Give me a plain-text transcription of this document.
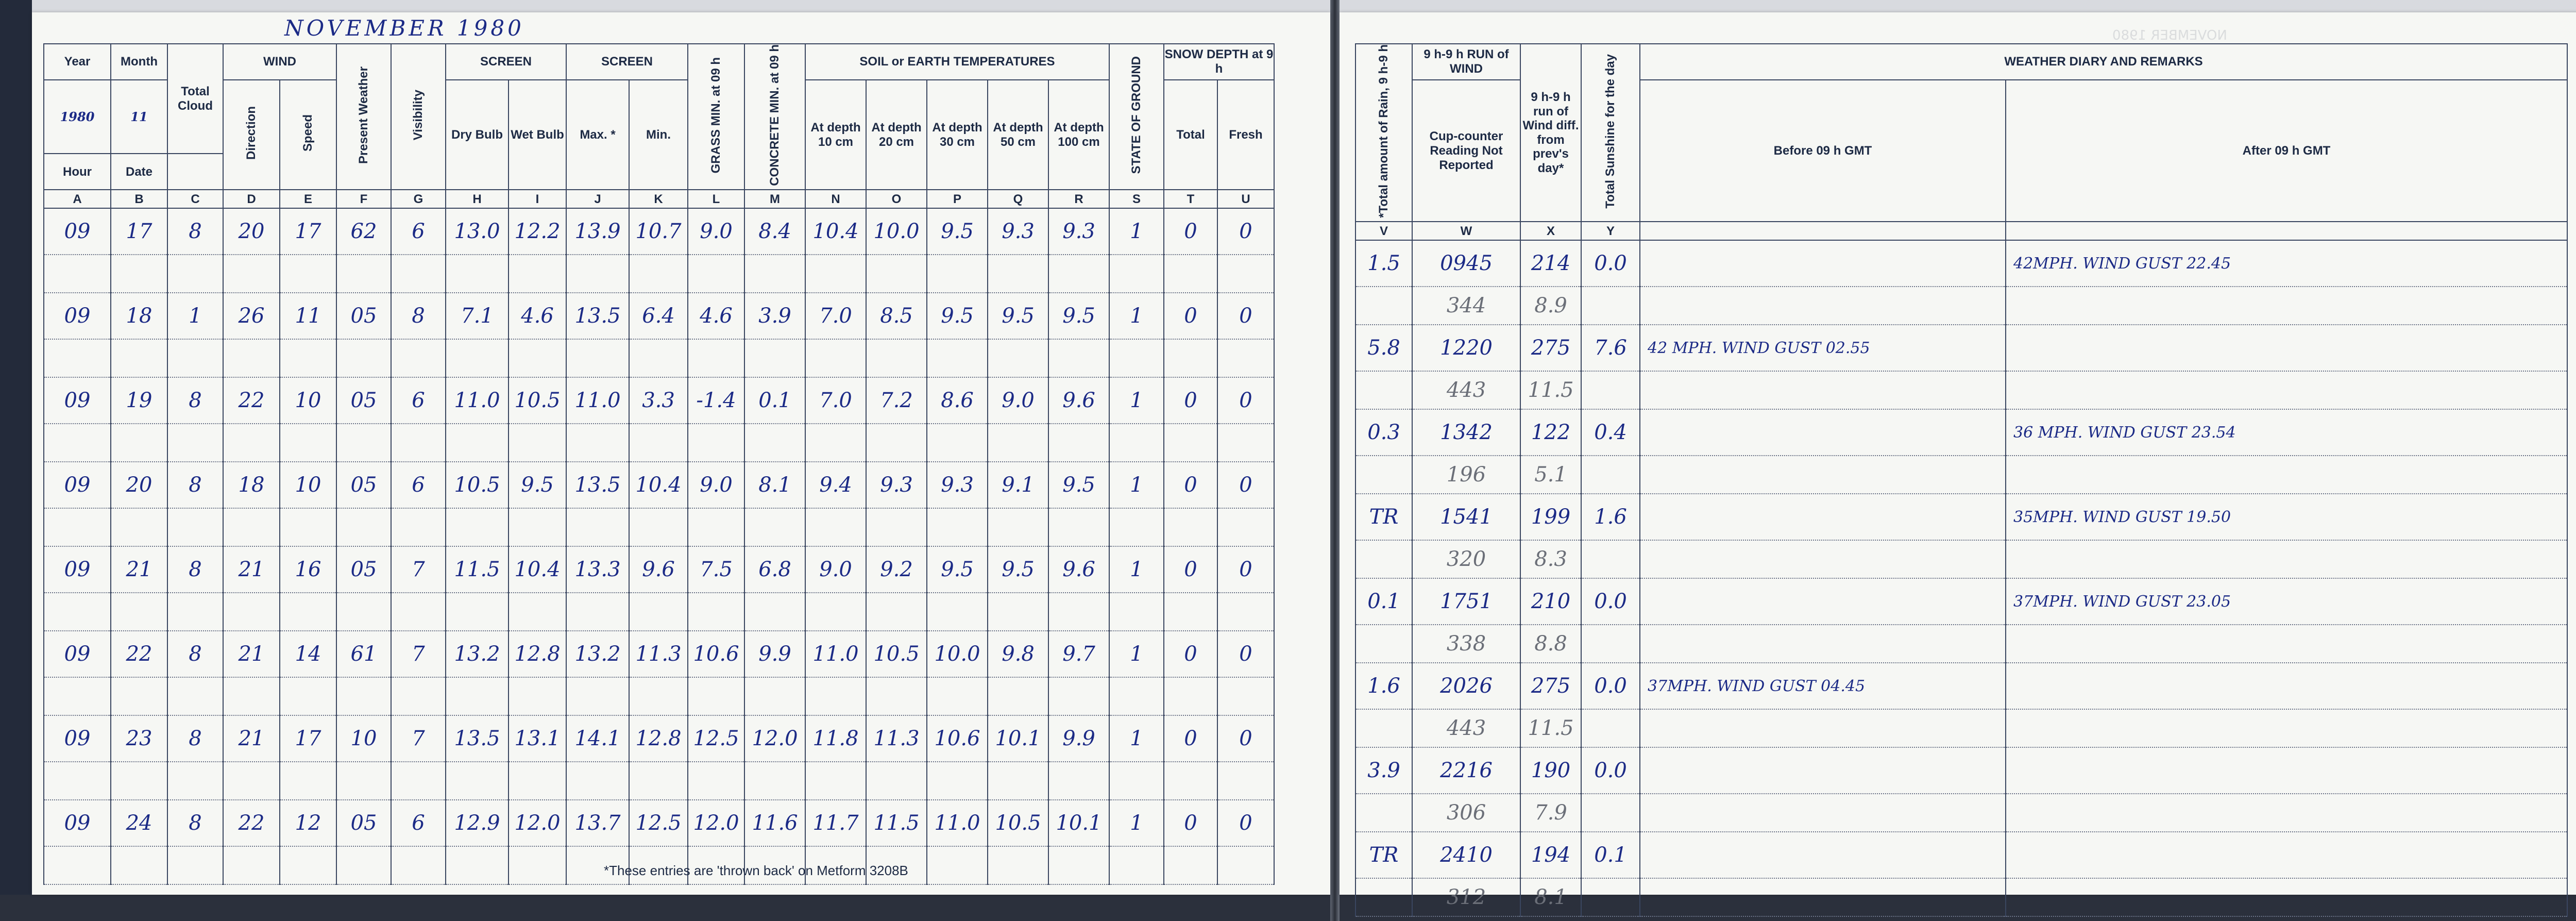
NOVEMBER 1980
Year	Month	Total Cloud	WIND		Present Weather	Visibility	SCREEN		SCREEN		GRASS MIN. at 09 h	CONCRETE MIN. at 09 h	SOIL or EARTH TEMPERATURES					STATE OF GROUND	SNOW DEPTH at 9 h	
1980	11		Direction	Speed			Dry Bulb	Wet Bulb	Max. *	Min.			At depth 10 cm	At depth 20 cm	At depth 30 cm	At depth 50 cm	At depth 100 cm		Total	Fresh
Hour	Date																			
A	B	C	D	E	F	G	H	I	J	K	L	M	N	O	P	Q	R	S	T	U
09	17	8	20	17	62	6	13.0	12.2	13.9	10.7	9.0	8.4	10.4	10.0	9.5	9.3	9.3	1	0	0

09	18	1	26	11	05	8	7.1	4.6	13.5	6.4	4.6	3.9	7.0	8.5	9.5	9.5	9.5	1	0	0

09	19	8	22	10	05	6	11.0	10.5	11.0	3.3	-1.4	0.1	7.0	7.2	8.6	9.0	9.6	1	0	0

09	20	8	18	10	05	6	10.5	9.5	13.5	10.4	9.0	8.1	9.4	9.3	9.3	9.1	9.5	1	0	0

09	21	8	21	16	05	7	11.5	10.4	13.3	9.6	7.5	6.8	9.0	9.2	9.5	9.5	9.6	1	0	0

09	22	8	21	14	61	7	13.2	12.8	13.2	11.3	10.6	9.9	11.0	10.5	10.0	9.8	9.7	1	0	0

09	23	8	21	17	10	7	13.5	13.1	14.1	12.8	12.5	12.0	11.8	11.3	10.6	10.1	9.9	1	0	0

09	24	8	22	12	05	6	12.9	12.0	13.7	12.5	12.0	11.6	11.7	11.5	11.0	10.5	10.1	1	0	0

*These entries are 'thrown back' on Metform 3208B
NOVEMBER 1980
*Total amount of Rain, 9 h-9 h	9 h-9 h RUN of WIND	9 h-9 h run of Wind diff. from prev's day*	Total Sunshine for the day	WEATHER DIARY AND REMARKS	
	Cup-counter Reading Not Reported			Before 09 h GMT	After 09 h GMT

V	W	X	Y		
1.5	0945	214	0.0		42MPH. WIND GUST 22.45
	344	8.9			
5.8	1220	275	7.6	42 MPH. WIND GUST 02.55	
	443	11.5			
0.3	1342	122	0.4		36 MPH. WIND GUST 23.54
	196	5.1			
TR	1541	199	1.6		35MPH. WIND GUST 19.50
	320	8.3			
0.1	1751	210	0.0		37MPH. WIND GUST 23.05
	338	8.8			
1.6	2026	275	0.0	37MPH. WIND GUST 04.45	
	443	11.5			
3.9	2216	190	0.0		
	306	7.9			
TR	2410	194	0.1		
	312	8.1			
